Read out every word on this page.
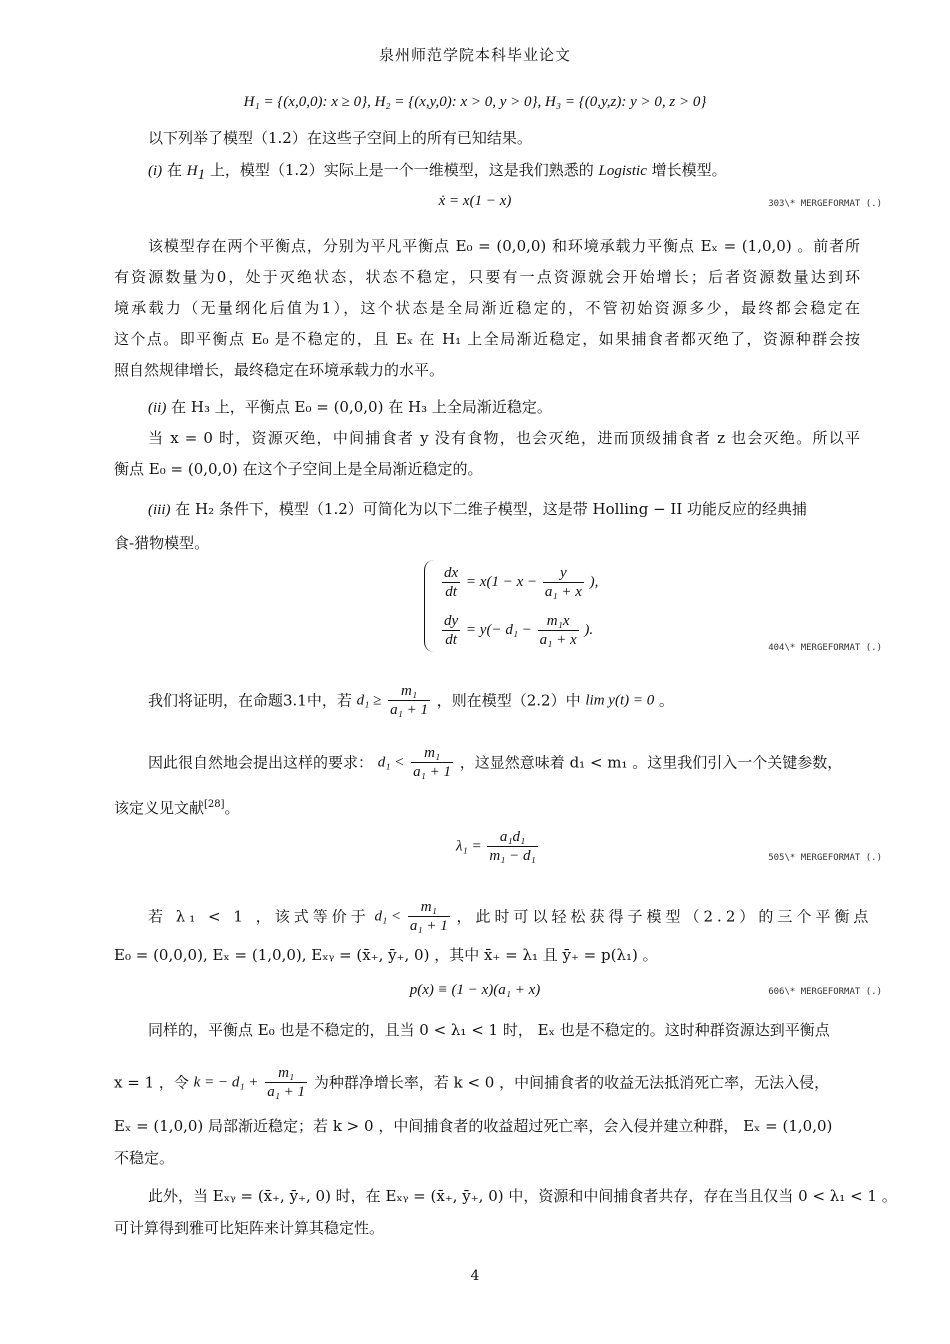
泉州师范学院本科毕业论文
H₁ = {(x,0,0): x ≥ 0}, H₂ = {(x,y,0): x > 0, y > 0}, H₃ = {(0,y,z): y > 0, z > 0}
以下列举了模型（1.2）在这些子空间上的所有已知结果。
(i) 在 $H_1$ 上，模型（1.2）实际上是一个一维模型，这是我们熟悉的 Logistic 增长模型。
ẋ = x(1 − x)	303\* MERGEFORMAT (.)
该模型存在两个平衡点，分别为平凡平衡点 E₀ = (0,0,0) 和环境承载力平衡点 Eₓ = (1,0,0) 。前者所
有资源数量为0，处于灭绝状态，状态不稳定，只要有一点资源就会开始增长；后者资源数量达到环
境承载力（无量纲化后值为1），这个状态是全局渐近稳定的，不管初始资源多少，最终都会稳定在
这个点。即平衡点 E₀ 是不稳定的，且 Eₓ 在 H₁ 上全局渐近稳定，如果捕食者都灭绝了，资源种群会按
照自然规律增长，最终稳定在环境承载力的水平。
(ii) 在 H₃ 上，平衡点 E₀ = (0,0,0) 在 H₃ 上全局渐近稳定。
当 x = 0 时，资源灭绝，中间捕食者 y 没有食物，也会灭绝，进而顶级捕食者 z 也会灭绝。所以平
衡点 E₀ = (0,0,0) 在这个子空间上是全局渐近稳定的。
(iii) 在 H₂ 条件下，模型（1.2）可简化为以下二维子模型，这是带 Holling − II 功能反应的经典捕
食-猎物模型。
$\frac{dx}{dt} = x(1 - x - \frac{y}{\text{a₁ + x}}$ ),
$\frac{dy}{dt} = y(- d_1 - \frac{\text{m₁x}}{\text{a₁ + x}}$ ).
404\* MERGEFORMAT (.)
我们将证明，在命题3.1中，若 $d_1 \ge \frac{\text{m₁}}{\text{a₁ + 1}}$ ，则在模型（2.2）中 lim y(t) = 0 。
因此很自然地会提出这样的要求： $d_1 < \frac{\text{m₁}}{\text{a₁ + 1}}$ ，这显然意味着 d₁ < m₁ 。这里我们引入一个关键参数，
该定义见文献[28]。
$\lambda_1 = \frac{\text{a₁d₁}}{\text{m₁ − d₁}}$	505\* MERGEFORMAT (.)
若 λ₁ < 1 ，该式等价于 $d_1 < \frac{\text{m₁}}{\text{a₁ + 1}}$ ，此时可以轻松获得子模型（2.2）的三个平衡点
E₀ = (0,0,0), Eₓ = (1,0,0), Eₓᵧ = (x̄₊, ȳ₊, 0) ，其中 x̄₊ = λ₁ 且 ȳ₊ = p(λ₁) 。
p(x) ≡ (1 − x)(a₁ + x)	606\* MERGEFORMAT (.)
同样的，平衡点 E₀ 也是不稳定的，且当 0 < λ₁ < 1 时， Eₓ 也是不稳定的。这时种群资源达到平衡点
x = 1 ，令 k = − $d_1 + \frac{\text{m₁}}{\text{a₁ + 1}}$ 为种群净增长率，若 k < 0 ，中间捕食者的收益无法抵消死亡率，无法入侵，
Eₓ = (1,0,0) 局部渐近稳定；若 k > 0 ，中间捕食者的收益超过死亡率，会入侵并建立种群， Eₓ = (1,0,0)
不稳定。
此外，当 Eₓᵧ = (x̄₊, ȳ₊, 0) 时，在 Eₓᵧ = (x̄₊, ȳ₊, 0) 中，资源和中间捕食者共存，存在当且仅当 0 < λ₁ < 1 。
可计算得到雅可比矩阵来计算其稳定性。
4
